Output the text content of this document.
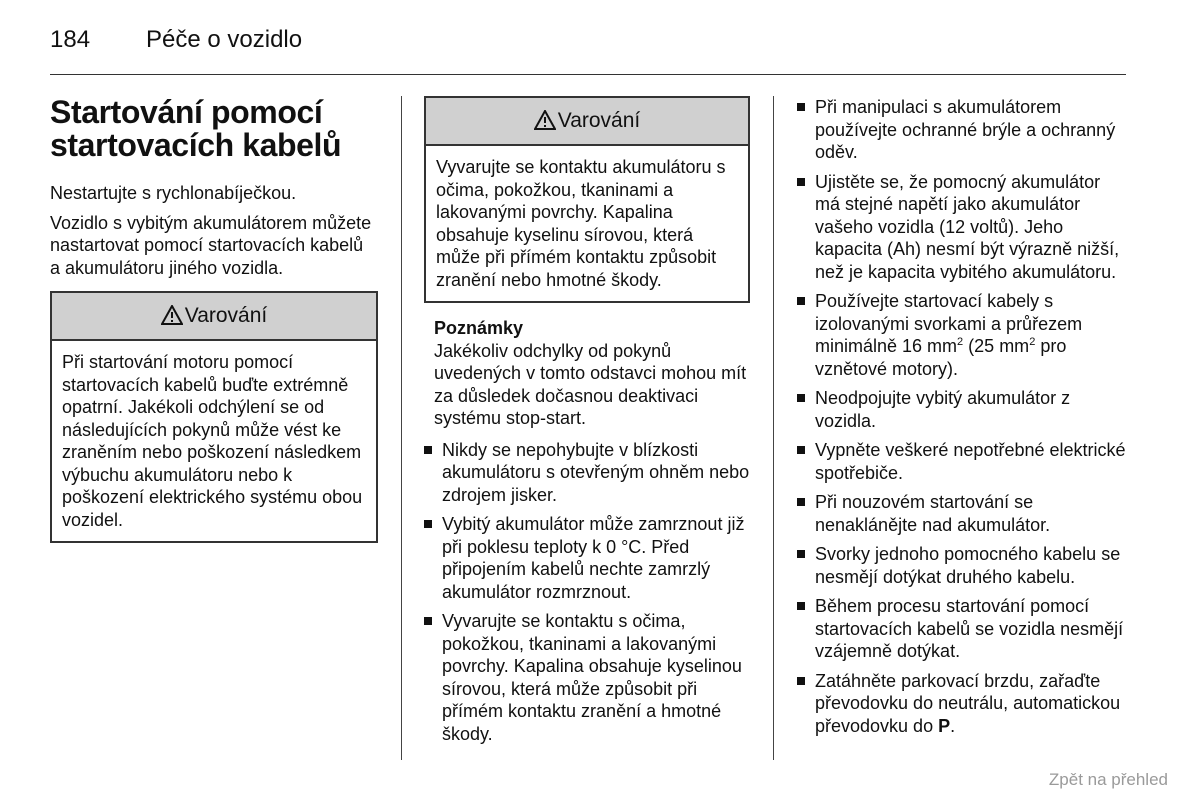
184 Péče o vozidlo
Startování pomocí startovacích kabelů

Nestartujte s rychlonabíječkou.

Vozidlo s vybitým akumulátorem můžete nastartovat pomocí startovacích kabelů a akumulátoru jiného vozidla.

Varování
Při startování motoru pomocí startovacích kabelů buďte extrémně opatrní. Jakékoli odchýlení se od následujících pokynů může vést ke zraněním nebo poškození následkem výbuchu akumulátoru nebo k poškození elektrického systému obou vozidel.
Varování
Vyvarujte se kontaktu akumulátoru s očima, pokožkou, tkaninami a lakovanými povrchy. Kapalina obsahuje kyselinu sírovou, která může při přímém kontaktu způsobit zranění nebo hmotné škody.
Poznámky
Jakékoliv odchylky od pokynů uvedených v tomto odstavci mohou mít za důsledek dočasnou deaktivaci systému stop-start.
Nikdy se nepohybujte v blízkosti akumulátoru s otevřeným ohněm nebo zdrojem jisker.
Vybitý akumulátor může zamrznout již při poklesu teploty k 0 °C. Před připojením kabelů nechte zamrzlý akumulátor rozmrznout.
Vyvarujte se kontaktu s očima, pokožkou, tkaninami a lakovanými povrchy. Kapalina obsahuje kyselinou sírovou, která může způsobit při přímém kontaktu zranění a hmotné škody.
Při manipulaci s akumulátorem používejte ochranné brýle a ochranný oděv.
Ujistěte se, že pomocný akumulátor má stejné napětí jako akumulátor vašeho vozidla (12 voltů). Jeho kapacita (Ah) nesmí být výrazně nižší, než je kapacita vybitého akumulátoru.
Používejte startovací kabely s izolovanými svorkami a průřezem minimálně 16 $mm^2$ (25 $mm^2$ pro vznětové motory).
Neodpojujte vybitý akumulátor z vozidla.
Vypněte veškeré nepotřebné elektrické spotřebiče.
Při nouzovém startování se nenaklánějte nad akumulátor.
Svorky jednoho pomocného kabelu se nesmějí dotýkat druhého kabelu.
Během procesu startování pomocí startovacích kabelů se vozidla nesmějí vzájemně dotýkat.
Zatáhněte parkovací brzdu, zařaďte převodovku do neutrálu, automatickou převodovku do P.
Zpět na přehled
